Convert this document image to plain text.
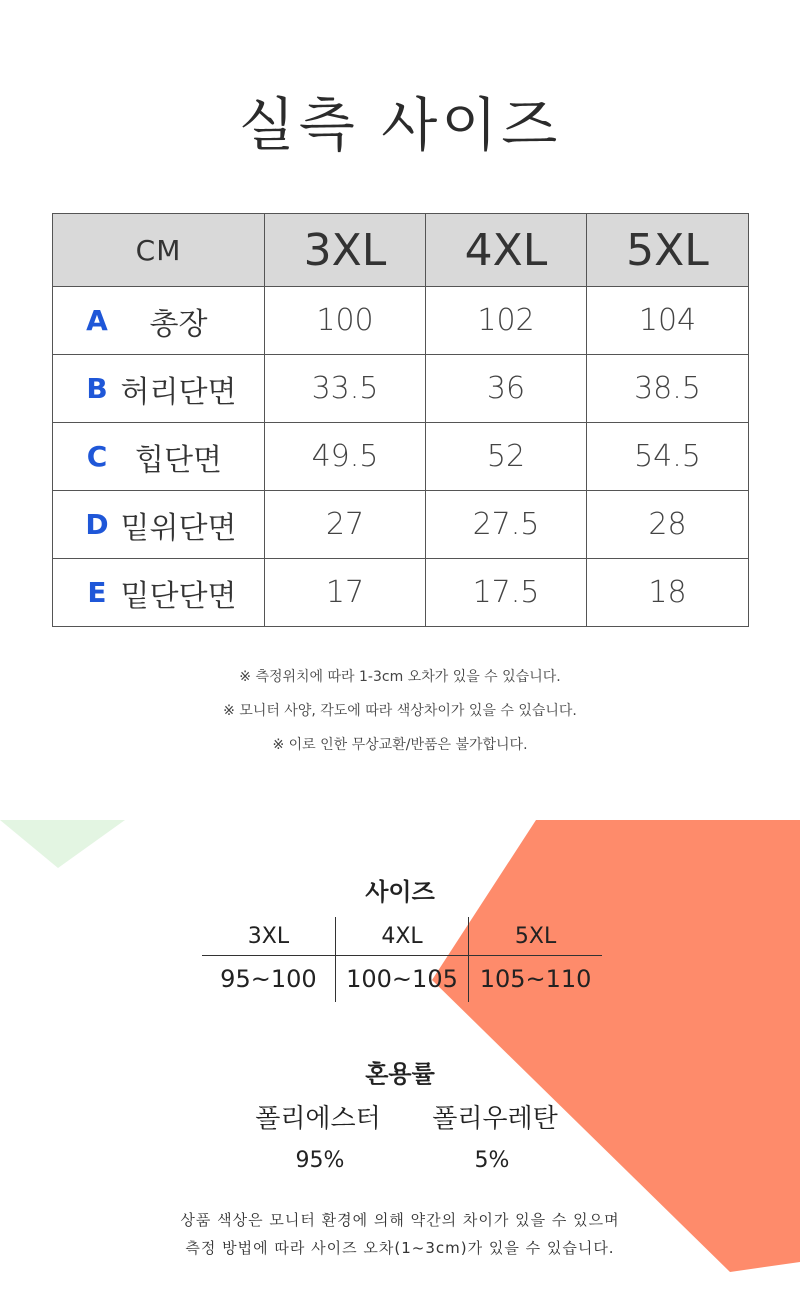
실측 사이즈
CM	3XL	4XL	5XL

A 총장	100	102	104

B 허리단면	33.5	36	38.5

C 힙단면	49.5	52	54.5

D 밑위단면	27	27.5	28

E 밑단단면	17	17.5	18
※ 측정위치에 따라 1-3cm 오차가 있을 수 있습니다.
※ 모니터 사양, 각도에 따라 색상차이가 있을 수 있습니다.
※ 이로 인한 무상교환/반품은 불가합니다.
사이즈
3XL	4XL	5XL
95~100	100~105	105~110
혼용률
폴리에스터	폴리우레탄
95%	5%
상품 색상은 모니터 환경에 의해 약간의 차이가 있을 수 있으며
측정 방법에 따라 사이즈 오차(1~3cm)가 있을 수 있습니다.
